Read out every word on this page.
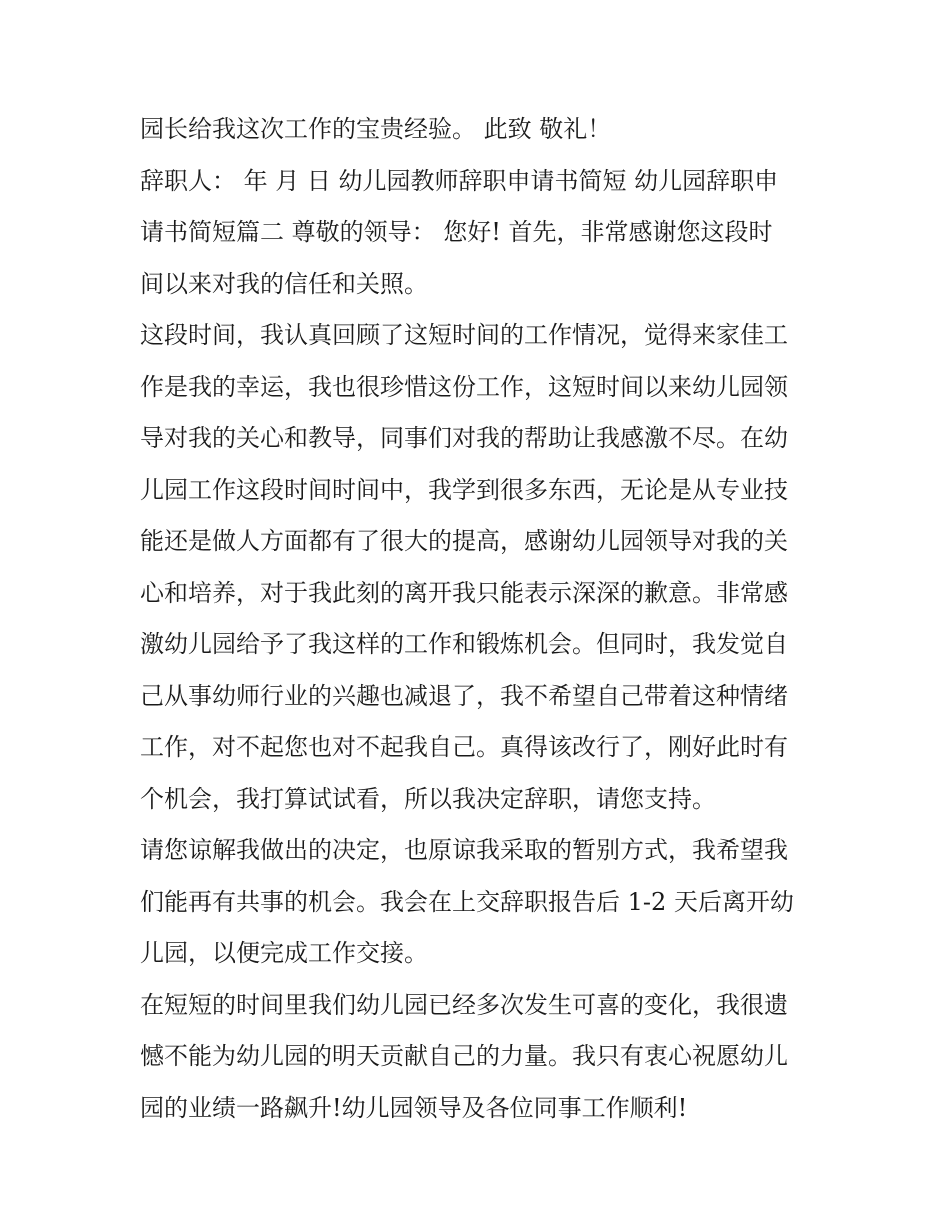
园长给我这次工作的宝贵经验。 此致 敬礼！
辞职人： 年 月 日 幼儿园教师辞职申请书简短 幼儿园辞职申
请书简短篇二 尊敬的领导： 您好! 首先，非常感谢您这段时
间以来对我的信任和关照。
这段时间，我认真回顾了这短时间的工作情况，觉得来家佳工
作是我的幸运，我也很珍惜这份工作，这短时间以来幼儿园领
导对我的关心和教导，同事们对我的帮助让我感激不尽。在幼
儿园工作这段时间时间中，我学到很多东西，无论是从专业技
能还是做人方面都有了很大的提高，感谢幼儿园领导对我的关
心和培养，对于我此刻的离开我只能表示深深的歉意。非常感
激幼儿园给予了我这样的工作和锻炼机会。但同时，我发觉自
己从事幼师行业的兴趣也减退了，我不希望自己带着这种情绪
工作，对不起您也对不起我自己。真得该改行了，刚好此时有
个机会，我打算试试看，所以我决定辞职，请您支持。
请您谅解我做出的决定，也原谅我采取的暂别方式，我希望我
们能再有共事的机会。我会在上交辞职报告后 1-2 天后离开幼
儿园，以便完成工作交接。
在短短的时间里我们幼儿园已经多次发生可喜的变化，我很遗
憾不能为幼儿园的明天贡献自己的力量。我只有衷心祝愿幼儿
园的业绩一路飙升!幼儿园领导及各位同事工作顺利!
